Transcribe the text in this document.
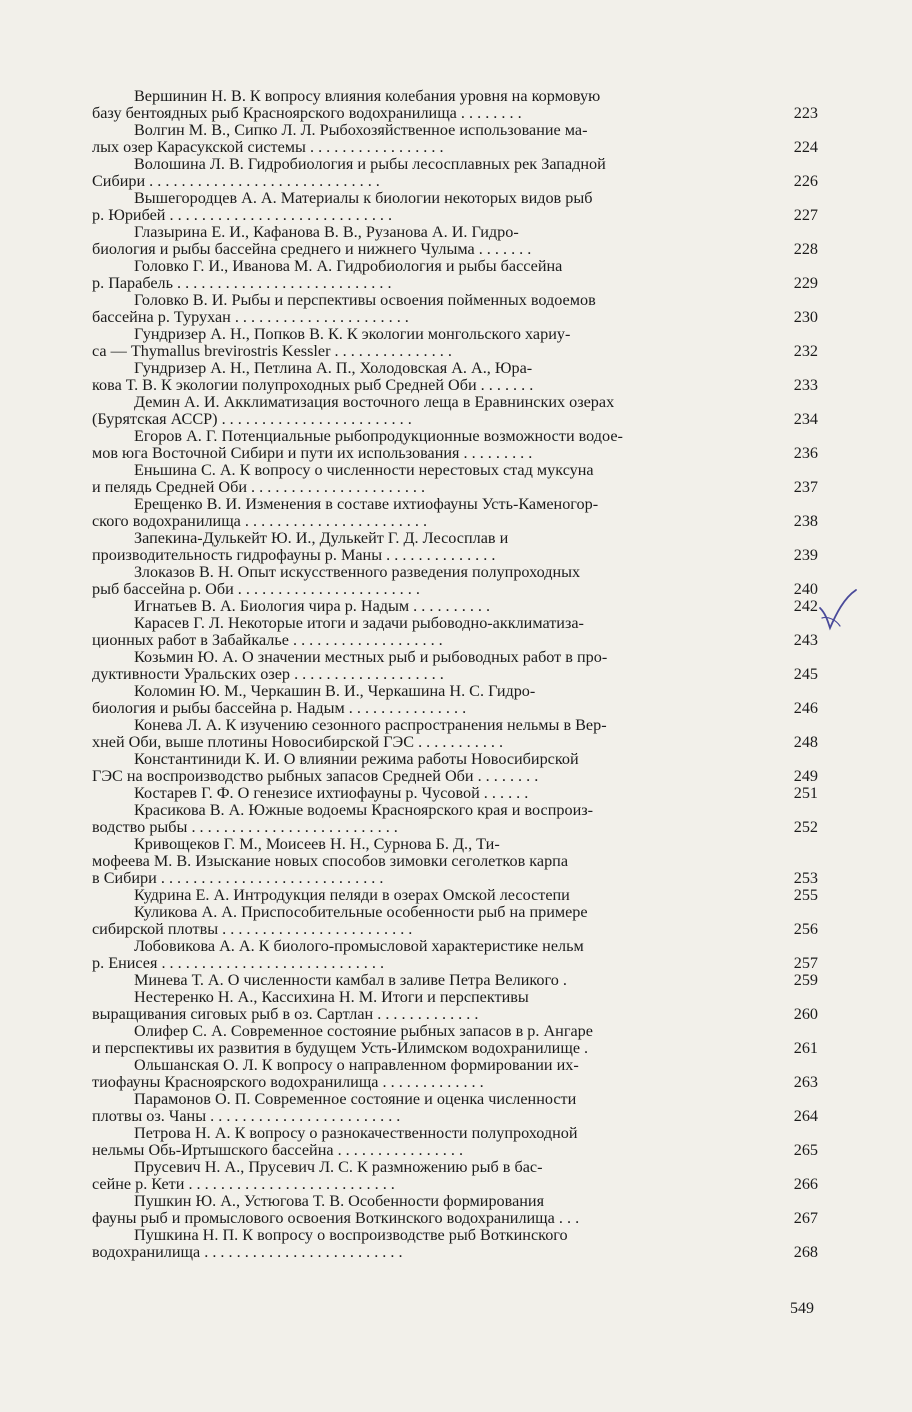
Вершинин Н. В. К вопросу влияния колебания уровня на кормовую
базу бентоядных рыб Красноярского водохранилища . . . . . . . .	223
Волгин М. В., Сипко Л. Л. Рыбохозяйственное использование ма-
лых озер Карасукской системы . . . . . . . . . . . . . . . . .	224
Волошина Л. В. Гидробиология и рыбы лесосплавных рек Западной
Сибири . . . . . . . . . . . . . . . . . . . . . . . . . . . . .	226
Вышегородцев А. А. Материалы к биологии некоторых видов рыб
р. Юрибей . . . . . . . . . . . . . . . . . . . . . . . . . . . .	227
Глазырина Е. И., Кафанова В. В., Рузанова А. И. Гидро-
биология и рыбы бассейна среднего и нижнего Чулыма . . . . . . .	228
Головко Г. И., Иванова М. А. Гидробиология и рыбы бассейна
р. Парабель . . . . . . . . . . . . . . . . . . . . . . . . . . .	229
Головко В. И. Рыбы и перспективы освоения пойменных водоемов
бассейна р. Турухан . . . . . . . . . . . . . . . . . . . . . .	230
Гундризер А. Н., Попков В. К. К экологии монгольского хариу-
са — Thymallus brevirostris Kessler . . . . . . . . . . . . . . .	232
Гундризер А. Н., Петлина А. П., Холодовская А. А., Юра-
кова Т. В. К экологии полупроходных рыб Средней Оби . . . . . . .	233
Демин А. И. Акклиматизация восточного леща в Еравнинских озерах
(Бурятская АССР) . . . . . . . . . . . . . . . . . . . . . . . .	234
Егоров А. Г. Потенциальные рыбопродукционные возможности водое-
мов юга Восточной Сибири и пути их использования . . . . . . . . .	236
Еньшина С. А. К вопросу о численности нерестовых стад муксуна
и пелядь Средней Оби . . . . . . . . . . . . . . . . . . . . . .	237
Ерещенко В. И. Изменения в составе ихтиофауны Усть-Каменогор-
ского водохранилища . . . . . . . . . . . . . . . . . . . . . . .	238
Запекина-Дулькейт Ю. И., Дулькейт Г. Д. Лесосплав и
производительность гидрофауны р. Маны . . . . . . . . . . . . . .	239
Злоказов В. Н. Опыт искусственного разведения полупроходных
рыб бассейна р. Оби . . . . . . . . . . . . . . . . . . . . . . .	240
Игнатьев В. А. Биология чира р. Надым . . . . . . . . . .	242
Карасев Г. Л. Некоторые итоги и задачи рыбоводно-акклиматиза-
ционных работ в Забайкалье . . . . . . . . . . . . . . . . . . .	243
Козьмин Ю. А. О значении местных рыб и рыбоводных работ в про-
дуктивности Уральских озер . . . . . . . . . . . . . . . . . . .	245
Коломин Ю. М., Черкашин В. И., Черкашина Н. С. Гидро-
биология и рыбы бассейна р. Надым . . . . . . . . . . . . . . .	246
Конева Л. А. К изучению сезонного распространения нельмы в Вер-
хней Оби, выше плотины Новосибирской ГЭС . . . . . . . . . . .	248
Константиниди К. И. О влиянии режима работы Новосибирской
ГЭС на воспроизводство рыбных запасов Средней Оби . . . . . . . .	249
Костарев Г. Ф. О генезисе ихтиофауны р. Чусовой . . . . . .	251
Красикова В. А. Южные водоемы Красноярского края и воспроиз-
водство рыбы . . . . . . . . . . . . . . . . . . . . . . . . . .	252
Кривощеков Г. М., Моисеев Н. Н., Сурнова Б. Д., Ти-
мофеева М. В. Изыскание новых способов зимовки сеголетков карпа
в Сибири . . . . . . . . . . . . . . . . . . . . . . . . . . . .	253
Кудрина Е. А. Интродукция пеляди в озерах Омской лесостепи	255
Куликова А. А. Приспособительные особенности рыб на примере
сибирской плотвы . . . . . . . . . . . . . . . . . . . . . . . .	256
Лобовикова А. А. К биолого-промысловой характеристике нельм
р. Енисея . . . . . . . . . . . . . . . . . . . . . . . . . . . .	257
Минева Т. А. О численности камбал в заливе Петра Великого .	259
Нестеренко Н. А., Кассихина Н. М. Итоги и перспективы
выращивания сиговых рыб в оз. Сартлан . . . . . . . . . . . . .	260
Олифер С. А. Современное состояние рыбных запасов в р. Ангаре
и перспективы их развития в будущем Усть-Илимском водохранилище .	261
Ольшанская О. Л. К вопросу о направленном формировании их-
тиофауны Красноярского водохранилища . . . . . . . . . . . . .	263
Парамонов О. П. Современное состояние и оценка численности
плотвы оз. Чаны . . . . . . . . . . . . . . . . . . . . . . . .	264
Петрова Н. А. К вопросу о разнокачественности полупроходной
нельмы Обь-Иртышского бассейна . . . . . . . . . . . . . . . .	265
Прусевич Н. А., Прусевич Л. С. К размножению рыб в бас-
сейне р. Кети . . . . . . . . . . . . . . . . . . . . . . . . . .	266
Пушкин Ю. А., Устюгова Т. В. Особенности формирования
фауны рыб и промыслового освоения Воткинского водохранилища . . .	267
Пушкина Н. П. К вопросу о воспроизводстве рыб Воткинского
водохранилища . . . . . . . . . . . . . . . . . . . . . . . . .	268
549
